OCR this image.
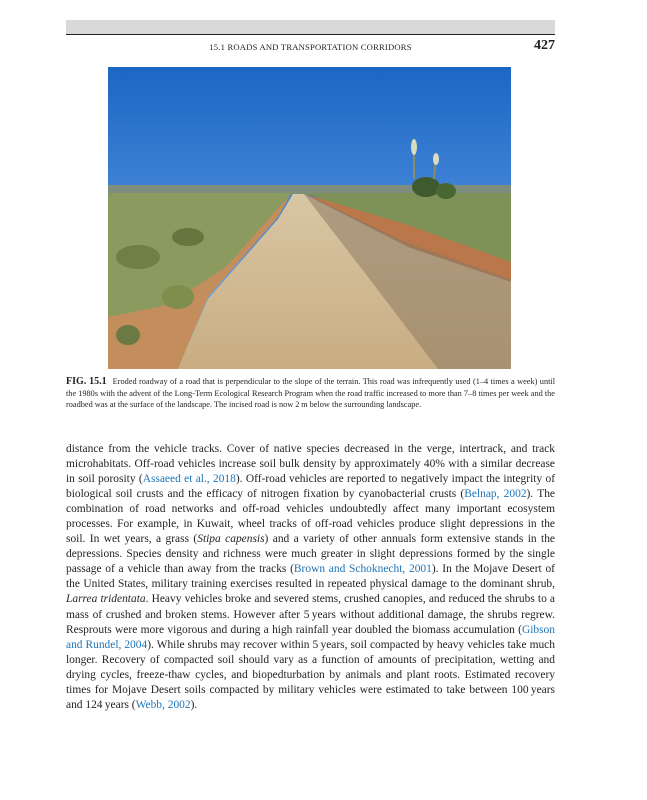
15.1 ROADS AND TRANSPORTATION CORRIDORS	427
FIG. 15.1 Eroded roadway of a road that is perpendicular to the slope of the terrain. This road was infrequently used (1–4 times a week) until the 1980s with the advent of the Long-Term Ecological Research Program when the road traffic increased to more than 7–8 times per week and the roadbed was at the surface of the landscape. The incised road is now 2 m below the surrounding landscape.
distance from the vehicle tracks. Cover of native species decreased in the verge, intertrack, and track microhabitats. Off-road vehicles increase soil bulk density by approximately 40% with a similar decrease in soil porosity (Assaeed et al., 2018). Off-road vehicles are reported to negatively impact the integrity of biological soil crusts and the efficacy of nitrogen fixation by cyanobacterial crusts (Belnap, 2002). The combination of road networks and off-road vehicles undoubtedly affect many important ecosystem processes. For example, in Kuwait, wheel tracks of off-road vehicles produce slight depressions in the soil. In wet years, a grass (Stipa capensis) and a variety of other annuals form extensive stands in the depressions. Species density and richness were much greater in slight depressions formed by the single passage of a vehicle than away from the tracks (Brown and Schoknecht, 2001). In the Mojave Desert of the United States, military training exercises resulted in repeated physical damage to the dominant shrub, Larrea tridentata. Heavy vehicles broke and severed stems, crushed canopies, and reduced the shrubs to a mass of crushed and broken stems. However after 5 years without additional damage, the shrubs regrew. Resprouts were more vigorous and during a high rainfall year doubled the biomass accumulation (Gibson and Rundel, 2004). While shrubs may recover within 5 years, soil compacted by heavy vehicles take much longer. Recovery of compacted soil should vary as a function of amounts of precipitation, wetting and drying cycles, freeze-thaw cycles, and biopedturbation by animals and plant roots. Estimated recovery times for Mojave Desert soils compacted by military vehicles were estimated to take between 100 years and 124 years (Webb, 2002).
